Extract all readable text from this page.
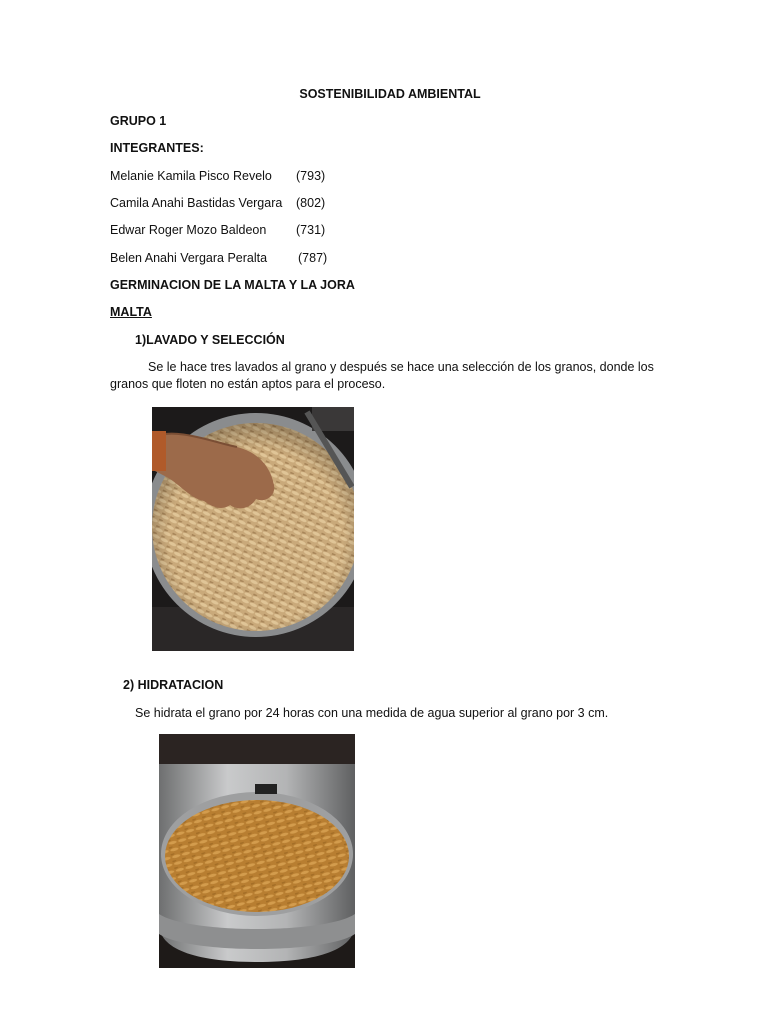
SOSTENIBILIDAD AMBIENTAL
GRUPO 1
INTEGRANTES:
Melanie Kamila Pisco Revelo (793)
Camila Anahi Bastidas Vergara (802)
Edwar Roger Mozo Baldeon (731)
Belen Anahi Vergara Peralta (787)
GERMINACION DE LA MALTA Y LA JORA
MALTA
1)LAVADO Y SELECCIÓN
Se le hace tres lavados al grano y después se hace una selección de los granos, donde los granos que floten no están aptos para el proceso.
2) HIDRATACION
Se hidrata el grano por 24 horas con una medida de agua superior al grano por 3 cm.
